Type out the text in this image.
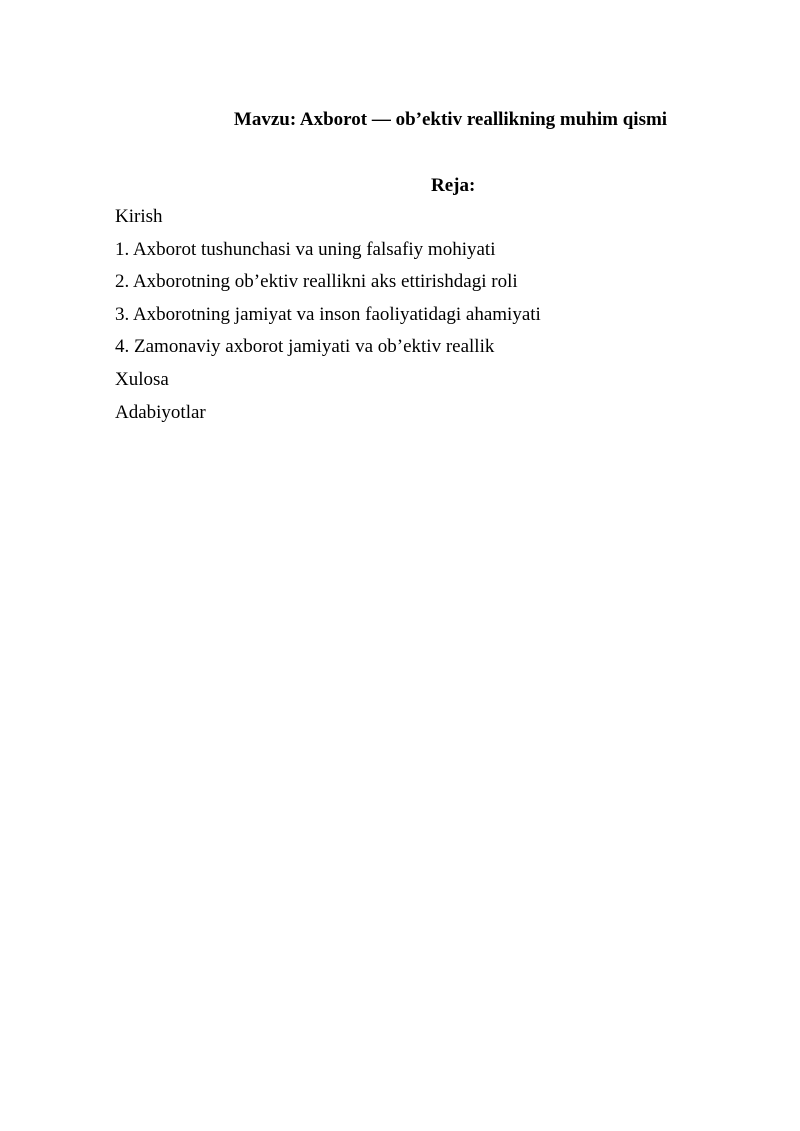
Mavzu: Axborot — ob’ektiv reallikning muhim qismi
Reja:
Kirish
1. Axborot tushunchasi va uning falsafiy mohiyati
2. Axborotning ob’ektiv reallikni aks ettirishdagi roli
3. Axborotning jamiyat va inson faoliyatidagi ahamiyati
4. Zamonaviy axborot jamiyati va ob’ektiv reallik
Xulosa
Adabiyotlar
